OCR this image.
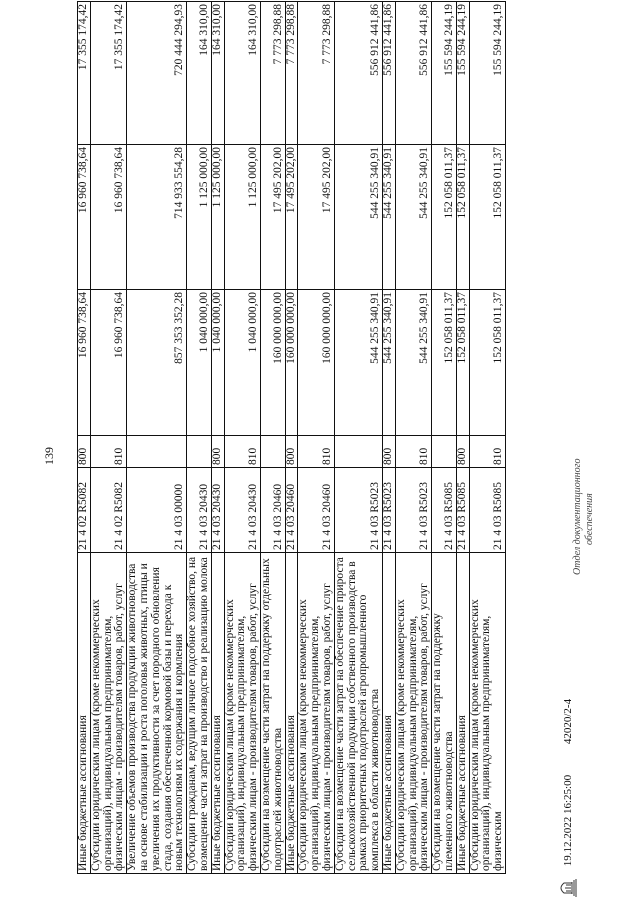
139
Иные бюджетные ассигнования	21 4 02 R5082	800	16 960 738,64	16 960 738,64	17 355 174,42
Субсидии юридическим лицам (кроме некоммерческих организаций), индивидуальным предпринимателям, физическим лицам - производителям товаров, работ, услуг	21 4 02 R5082	810	16 960 738,64	16 960 738,64	17 355 174,42
Увеличение объемов производства продукции животноводства на основе стабилизации и роста поголовья животных, птицы и увеличения их продуктивности за счет породного обновления стада, создания обеспеченной кормовой базы и перехода к новым технологиям их содержания и кормления	21 4 03 00000		857 353 352,28	714 933 554,28	720 444 294,93
Субсидии гражданам, ведущим личное подсобное хозяйство, на возмещение части затрат на производство и реализацию молока	21 4 03 20430		1 040 000,00	1 125 000,00	164 310,00
Иные бюджетные ассигнования	21 4 03 20430	800	1 040 000,00	1 125 000,00	164 310,00
Субсидии юридическим лицам (кроме некоммерческих организаций), индивидуальным предпринимателям, физическим лицам - производителям товаров, работ, услуг	21 4 03 20430	810	1 040 000,00	1 125 000,00	164 310,00
Субсидии на возмещение части затрат на поддержку отдельных подотраслей животноводства	21 4 03 20460		160 000 000,00	17 495 202,00	7 773 298,88
Иные бюджетные ассигнования	21 4 03 20460	800	160 000 000,00	17 495 202,00	7 773 298,88
Субсидии юридическим лицам (кроме некоммерческих организаций), индивидуальным предпринимателям, физическим лицам - производителям товаров, работ, услуг	21 4 03 20460	810	160 000 000,00	17 495 202,00	7 773 298,88
Субсидии на возмещение части затрат на обеспечение прироста сельскохозяйственной продукции собственного производства в рамках приоритетных подотраслей агропромышленного комплекса в области животноводства	21 4 03 R5023		544 255 340,91	544 255 340,91	556 912 441,86
Иные бюджетные ассигнования	21 4 03 R5023	800	544 255 340,91	544 255 340,91	556 912 441,86
Субсидии юридическим лицам (кроме некоммерческих организаций), индивидуальным предпринимателям, физическим лицам - производителям товаров, работ, услуг	21 4 03 R5023	810	544 255 340,91	544 255 340,91	556 912 441,86
Субсидии на возмещение части затрат на поддержку племенного животноводства	21 4 03 R5085		152 058 011,37	152 058 011,37	155 594 244,19
Иные бюджетные ассигнования	21 4 03 R5085	800	152 058 011,37	152 058 011,37	155 594 244,19
Субсидии юридическим лицам (кроме некоммерческих организаций), индивидуальным предпринимателям, физическим	21 4 03 R5085	810	152 058 011,37	152 058 011,37	155 594 244,19
Отдел документационного обеспечения
19.12.2022 16:25:00 42020/2-4
